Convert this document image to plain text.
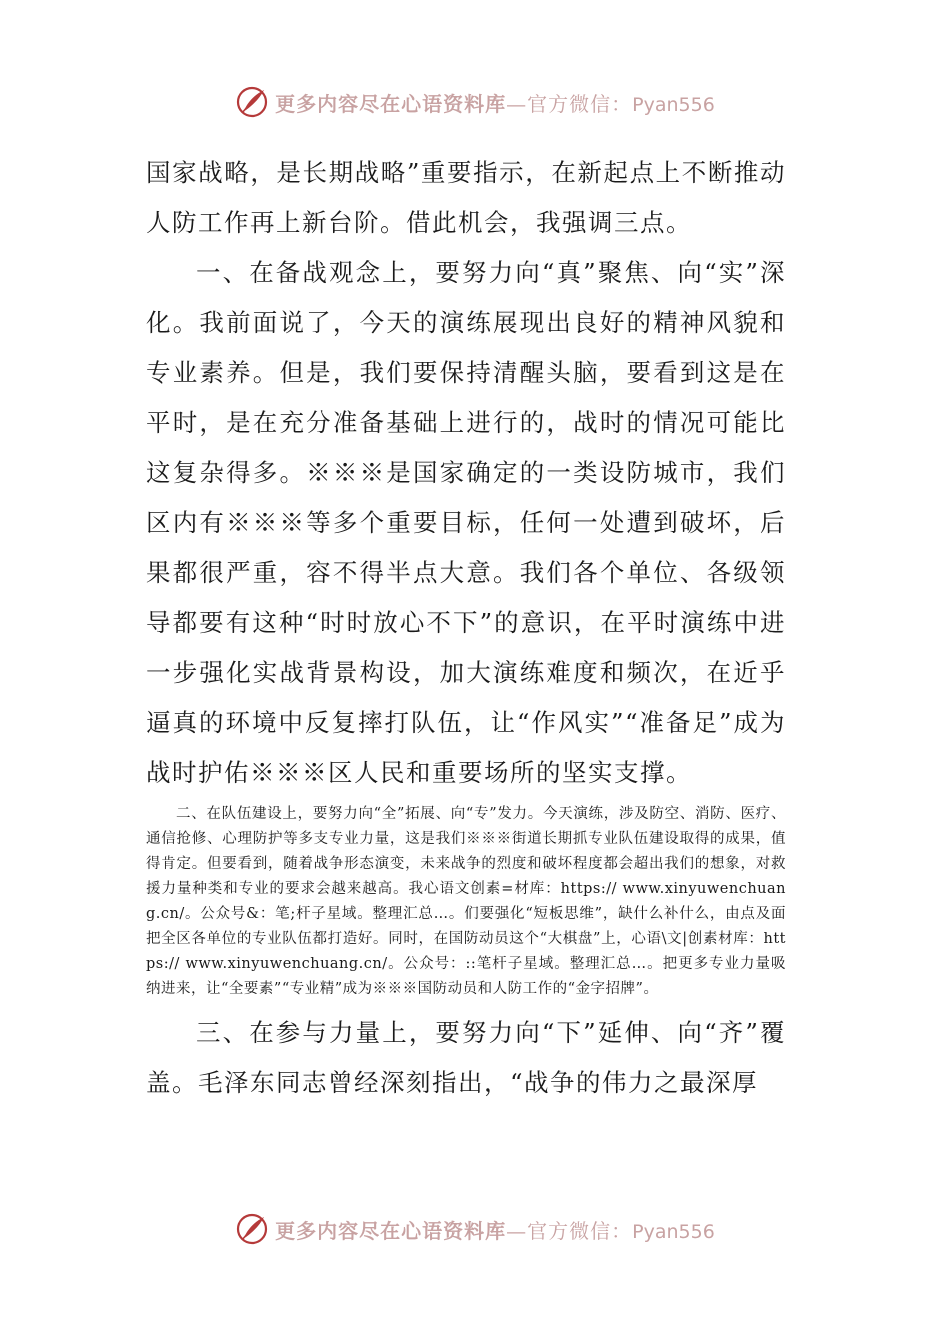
更多内容尽在心语资料库—官方微信：Pyan556

国家战略，是长期战略”重要指示，在新起点上不断推动人防工作再上新台阶。借此机会，我强调三点。

一、在备战观念上，要努力向“真”聚焦、向“实”深化。我前面说了，今天的演练展现出良好的精神风貌和专业素养。但是，我们要保持清醒头脑，要看到这是在平时，是在充分准备基础上进行的，战时的情况可能比这复杂得多。※※※是国家确定的一类设防城市，我们区内有※※※等多个重要目标，任何一处遭到破坏，后果都很严重，容不得半点大意。我们各个单位、各级领导都要有这种“时时放心不下”的意识，在平时演练中进一步强化实战背景构设，加大演练难度和频次，在近乎逼真的环境中反复摔打队伍，让“作风实”“准备足”成为战时护佑※※※区人民和重要场所的坚实支撑。

二、在队伍建设上，要努力向“全”拓展、向“专”发力。今天演练，涉及防空、消防、医疗、通信抢修、心理防护等多支专业力量，这是我们※※※街道长期抓专业队伍建设取得的成果，值得肯定。但要看到，随着战争形态演变，未来战争的烈度和破坏程度都会超出我们的想象，对救援力量种类和专业的要求会越来越高。我心语文创素=材库：https:// www.xinyuwenchuang.cn/。公众号&：笔;杆子星域。整理汇总…。们要强化“短板思维”，缺什么补什么，由点及面把全区各单位的专业队伍都打造好。同时，在国防动员这个“大棋盘”上，心语\文|创素材库：https:// www.xinyuwenchuang.cn/。公众号：::笔杆子星域。整理汇总…。把更多专业力量吸纳进来，让“全要素”“专业精”成为※※※国防动员和人防工作的“金字招牌”。

三、在参与力量上，要努力向“下”延伸、向“齐”覆盖。毛泽东同志曾经深刻指出，“战争的伟力之最深厚

更多内容尽在心语资料库—官方微信：Pyan556
